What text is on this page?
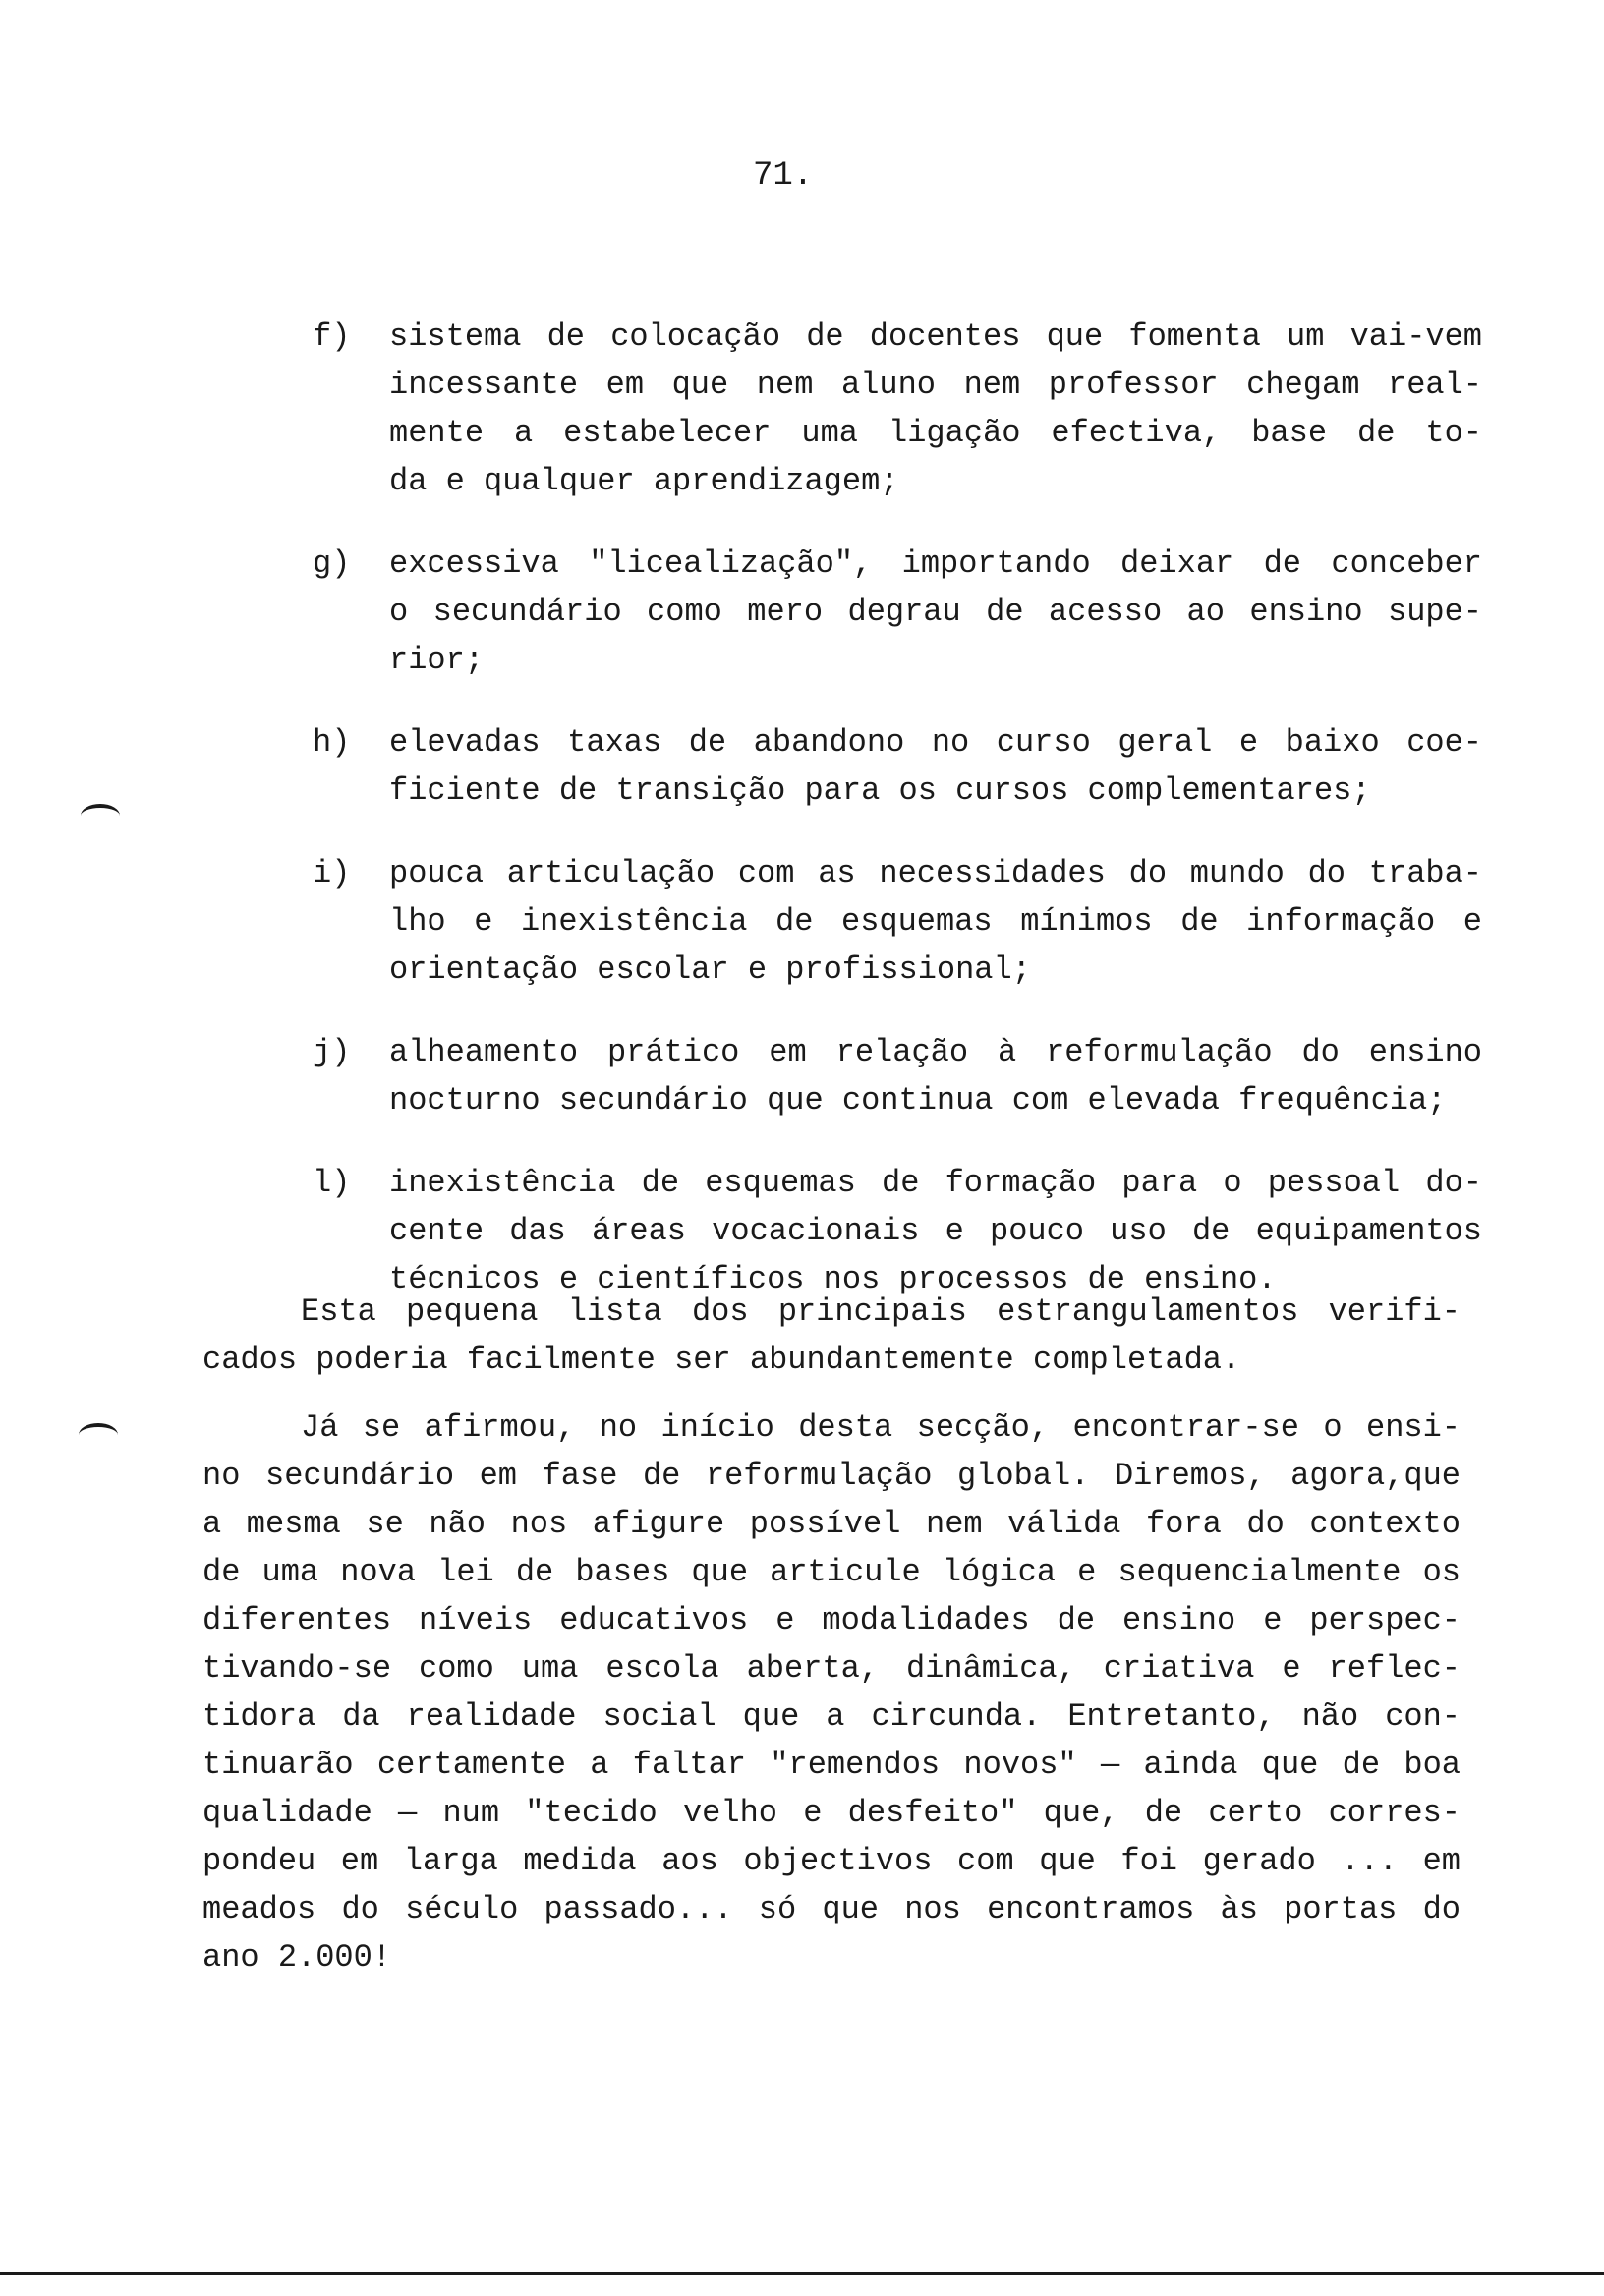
71.
f) sistema de colocação de docentes que fomenta um vai-vem
incessante em que nem aluno nem professor chegam real-
mente a estabelecer uma ligação efectiva, base de to-
da e qualquer aprendizagem;
g) excessiva "licealização", importando deixar de conceber
o secundário como mero degrau de acesso ao ensino supe-
rior;
h) elevadas taxas de abandono no curso geral e baixo coe-
ficiente de transição para os cursos complementares;
i) pouca articulação com as necessidades do mundo do traba-
lho e inexistência de esquemas mínimos de informação e
orientação escolar e profissional;
j) alheamento prático em relação à reformulação do ensino
nocturno secundário que continua com elevada frequência;
l) inexistência de esquemas de formação para o pessoal do-
cente das áreas vocacionais e pouco uso de equipamentos
técnicos e científicos nos processos de ensino.
Esta pequena lista dos principais estrangulamentos verifi-
cados poderia facilmente ser abundantemente completada.
Já se afirmou, no início desta secção, encontrar-se o ensi-
no secundário em fase de reformulação global. Diremos, agora,que
a mesma se não nos afigure possível nem válida fora do contexto
de uma nova lei de bases que articule lógica e sequencialmente os
diferentes níveis educativos e modalidades de ensino e perspec-
tivando-se como uma escola aberta, dinâmica, criativa e reflec-
tidora da realidade social que a circunda. Entretanto, não con-
tinuarão certamente a faltar "remendos novos" — ainda que de boa
qualidade — num "tecido velho e desfeito" que, de certo corres-
pondeu em larga medida aos objectivos com que foi gerado ... em
meados do século passado... só que nos encontramos às portas do
ano 2.000!
